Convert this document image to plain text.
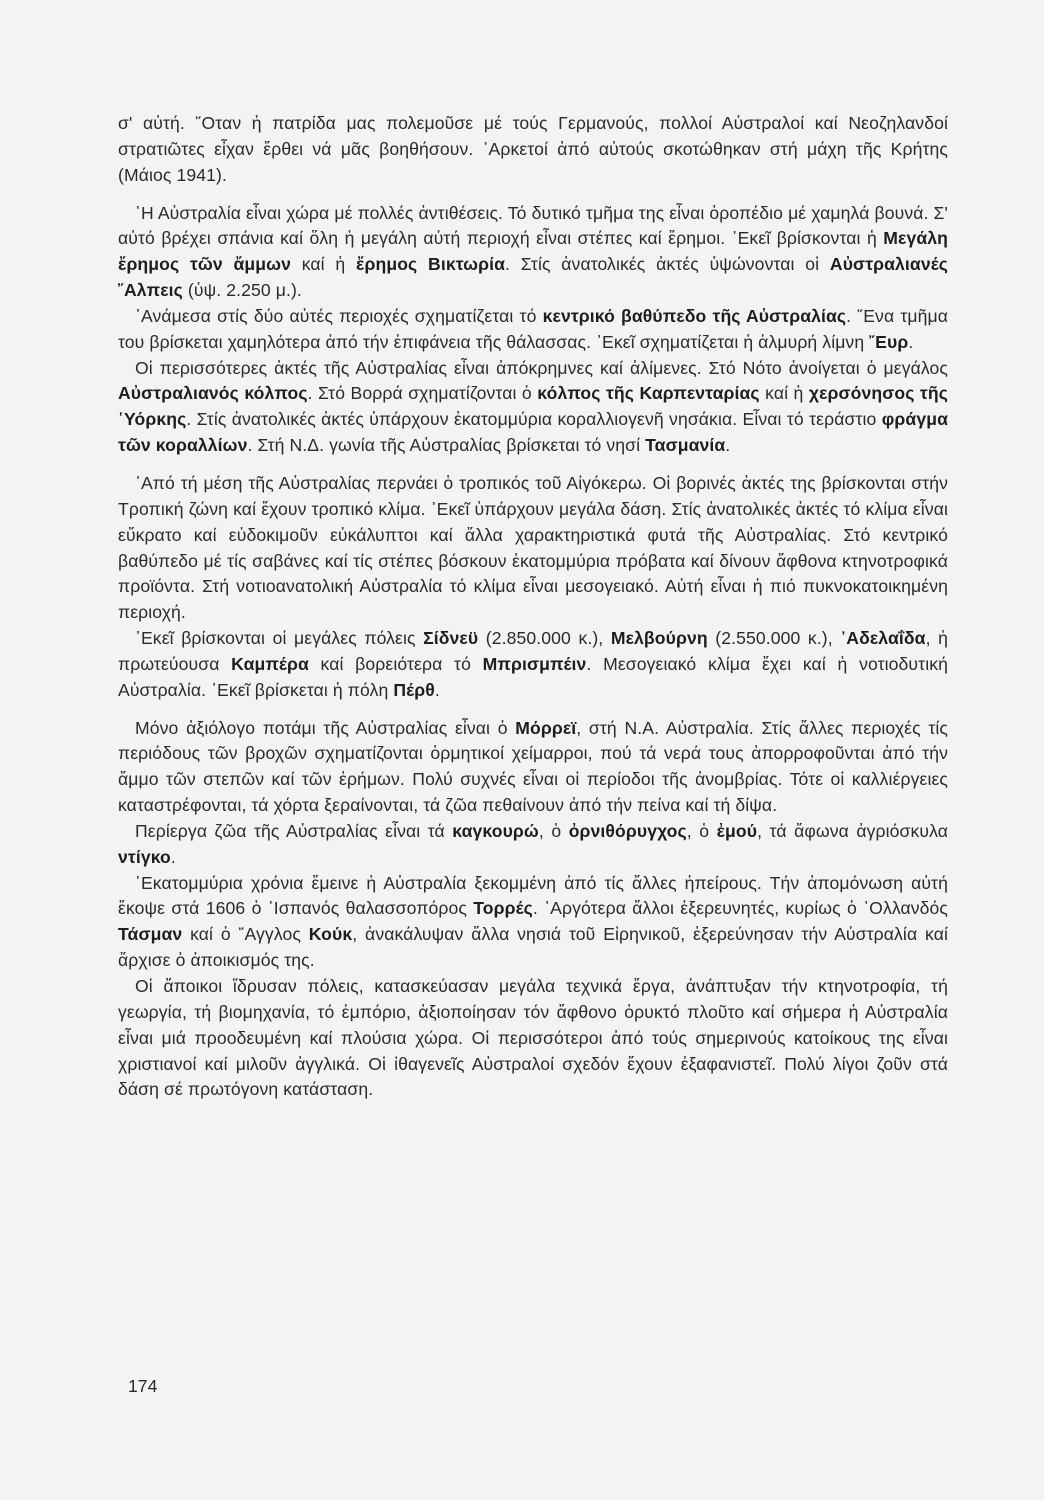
σ' αὐτή. ῞Οταν ἡ πατρίδα μας πολεμοῦσε μέ τούς Γερμανούς, πολλοί Αὐστραλοί καί Νεοζηλανδοί στρατιῶτες εἶχαν ἔρθει νά μᾶς βοηθήσουν. ᾿Αρκετοί ἀπό αὐτούς σκοτώθηκαν στή μάχη τῆς Κρήτης (Μάιος 1941).

῾Η Αὐστραλία εἶναι χώρα μέ πολλές ἀντιθέσεις. Τό δυτικό τμῆμα της εἶναι ὀροπέδιο μέ χαμηλά βουνά. Σ' αὐτό βρέχει σπάνια καί ὅλη ἡ μεγάλη αὐτή περιοχή εἶναι στέπες καί ἔρημοι. ᾿Εκεῖ βρίσκονται ἡ Μεγάλη ἔρημος τῶν ἄμμων καί ἡ ἔρημος Βικτωρία. Στίς ἀνατολικές ἀκτές ὑψώνονται οἱ Αὐστραλιανές ῎Αλπεις (ὑψ. 2.250 μ.).

᾿Ανάμεσα στίς δύο αὐτές περιοχές σχηματίζεται τό κεντρικό βαθύπεδο τῆς Αὐστραλίας. ῞Ενα τμῆμα του βρίσκεται χαμηλότερα ἀπό τήν ἐπιφάνεια τῆς θάλασσας. ᾿Εκεῖ σχηματίζεται ἡ ἁλμυρή λίμνη ῎Ευρ.

Οἱ περισσότερες ἀκτές τῆς Αὐστραλίας εἶναι ἀπόκρημνες καί ἀλίμενες. Στό Νότο ἀνοίγεται ὁ μεγάλος Αὐστραλιανός κόλπος. Στό Βορρά σχηματίζονται ὁ κόλπος τῆς Καρπενταρίας καί ἡ χερσόνησος τῆς ῾Υόρκης. Στίς ἀνατολικές ἀκτές ὑπάρχουν ἑκατομμύρια κοραλλιογενῆ νησάκια. Εἶναι τό τεράστιο φράγμα τῶν κοραλλίων. Στή Ν.Δ. γωνία τῆς Αὐστραλίας βρίσκεται τό νησί Τασμανία.

᾿Από τή μέση τῆς Αὐστραλίας περνάει ὁ τροπικός τοῦ Αἰγόκερω. Οἱ βορινές ἀκτές της βρίσκονται στήν Τροπική ζώνη καί ἔχουν τροπικό κλίμα. ᾿Εκεῖ ὑπάρχουν μεγάλα δάση. Στίς ἀνατολικές ἀκτές τό κλίμα εἶναι εὔκρατο καί εὐδοκιμοῦν εὐκάλυπτοι καί ἄλλα χαρακτηριστικά φυτά τῆς Αὐστραλίας. Στό κεντρικό βαθύπεδο μέ τίς σαβάνες καί τίς στέπες βόσκουν ἑκατομμύρια πρόβατα καί δίνουν ἄφθονα κτηνοτροφικά προϊόντα. Στή νοτιοανατολική Αὐστραλία τό κλίμα εἶναι μεσογειακό. Αὐτή εἶναι ἡ πιό πυκνοκατοικημένη περιοχή.

᾿Εκεῖ βρίσκονται οἱ μεγάλες πόλεις Σίδνεϋ (2.850.000 κ.), Μελβούρνη (2.550.000 κ.), ᾿Αδελαΐδα, ἡ πρωτεύουσα Καμπέρα καί βορειότερα τό Μπρισμπέιν. Μεσογειακό κλίμα ἔχει καί ἡ νοτιοδυτική Αὐστραλία. ᾿Εκεῖ βρίσκεται ἡ πόλη Πέρθ.

Μόνο ἀξιόλογο ποτάμι τῆς Αὐστραλίας εἶναι ὁ Μόρρεϊ, στή Ν.Α. Αὐστραλία. Στίς ἄλλες περιοχές τίς περιόδους τῶν βροχῶν σχηματίζονται ὁρμητικοί χείμαρροι, πού τά νερά τους ἀπορροφοῦνται ἀπό τήν ἄμμο τῶν στεπῶν καί τῶν ἐρήμων. Πολύ συχνές εἶναι οἱ περίοδοι τῆς ἀνομβρίας. Τότε οἱ καλλιέργειες καταστρέφονται, τά χόρτα ξεραίνονται, τά ζῶα πεθαίνουν ἀπό τήν πείνα καί τή δίψα.

Περίεργα ζῶα τῆς Αὐστραλίας εἶναι τά καγκουρώ, ὁ ὀρνιθόρυγχος, ὁ ἐμού, τά ἄφωνα ἀγριόσκυλα ντίγκο.

῾Εκατομμύρια χρόνια ἔμεινε ἡ Αὐστραλία ξεκομμένη ἀπό τίς ἄλλες ἠπείρους. Τήν ἀπομόνωση αὐτή ἔκοψε στά 1606 ὁ ᾿Ισπανός θαλασσοπόρος Τορρές. ᾿Αργότερα ἄλλοι ἐξερευνητές, κυρίως ὁ ᾿Ολλανδός Τάσμαν καί ὁ ῎Αγγλος Κούκ, ἀνακάλυψαν ἄλλα νησιά τοῦ Εἰρηνικοῦ, ἐξερεύνησαν τήν Αὐστραλία καί ἄρχισε ὁ ἀποικισμός της.

Οἱ ἄποικοι ἵδρυσαν πόλεις, κατασκεύασαν μεγάλα τεχνικά ἔργα, ἀνάπτυξαν τήν κτηνοτροφία, τή γεωργία, τή βιομηχανία, τό ἐμπόριο, ἀξιοποίησαν τόν ἄφθονο ὀρυκτό πλοῦτο καί σήμερα ἡ Αὐστραλία εἶναι μιά προοδευμένη καί πλούσια χώρα. Οἱ περισσότεροι ἀπό τούς σημερινούς κατοίκους της εἶναι χριστιανοί καί μιλοῦν ἀγγλικά. Οἱ ἰθαγενεῖς Αὐστραλοί σχεδόν ἔχουν ἐξαφανιστεῖ. Πολύ λίγοι ζοῦν στά δάση σέ πρωτόγονη κατάσταση.

174
